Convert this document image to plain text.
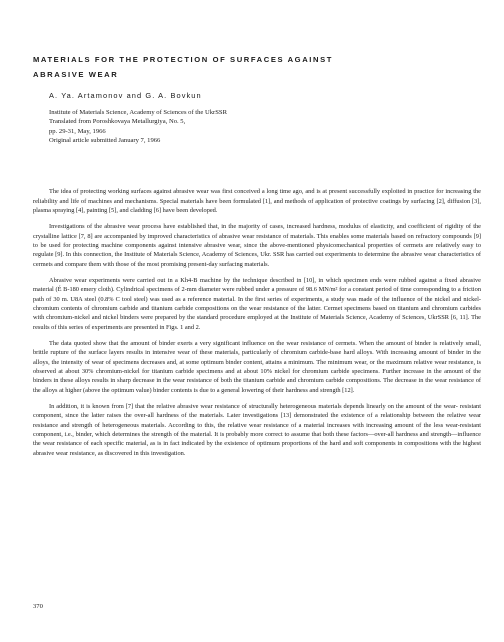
MATERIALS FOR THE PROTECTION OF SURFACES AGAINST
ABRASIVE WEAR
A. Ya. Artamonov and G. A. Bovkun
Institute of Materials Science, Academy of Sciences of the UkrSSR
Translated from Poroshkovaya Metallurgiya, No. 5,
pp. 29-31, May, 1966
Original article submitted January 7, 1966

The idea of protecting working surfaces against abrasive wear was first conceived a long time ago, and is at present successfully exploited in practice for increasing the reliability and life of machines and mechanisms. Special materials have been formulated [1], and methods of application of protective coatings by surfacing [2], diffusion [3], plasma spraying [4], painting [5], and cladding [6] have been developed.

Investigations of the abrasive wear process have established that, in the majority of cases, increased hardness, modulus of elasticity, and coefficient of rigidity of the crystalline lattice [7, 8] are accompanied by improved characteristics of abrasive wear resistance of materials. This enables some materials based on refractory compounds [9] to be used for protecting machine components against intensive abrasive wear, since the above-mentioned physicomechanical properties of cermets are relatively easy to regulate [9]. In this connection, the Institute of Materials Science, Academy of Sciences, Ukr. SSR has carried out experiments to determine the abrasive wear characteristics of cermets and compare them with those of the most promising present-day surfacing materials.

Abrasive wear experiments were carried out in a Kh4-B machine by the technique described in [10], in which specimen ends were rubbed against a fixed abrasive material (É B-180 emery cloth). Cylindrical specimens of 2-mm diameter were rubbed under a pressure of 98.6 MN/m² for a constant period of time corresponding to a friction path of 30 m. U8A steel (0.8% C tool steel) was used as a reference material. In the first series of experiments, a study was made of the influence of the nickel and nickel-chromium contents of chromium carbide and titanium carbide compositions on the wear resistance of the latter. Cermet specimens based on titanium and chromium carbides with chromium-nickel and nickel binders were prepared by the standard procedure employed at the Institute of Materials Science, Academy of Sciences, UkrSSR [6, 11]. The results of this series of experiments are presented in Figs. 1 and 2.

The data quoted show that the amount of binder exerts a very significant influence on the wear resistance of cermets. When the amount of binder is relatively small, brittle rupture of the surface layers results in intensive wear of these materials, particularly of chromium carbide-base hard alloys. With increasing amount of binder in the alloys, the intensity of wear of specimens decreases and, at some optimum binder content, attains a minimum. The minimum wear, or the maximum relative wear resistance, is observed at about 30% chromium-nickel for titanium carbide specimens and at about 10% nickel for chromium carbide specimens. Further increase in the amount of the binders in these alloys results in sharp decrease in the wear resistance of both the titanium carbide and chromium carbide compositions. The decrease in the wear resistance of the alloys at higher (above the optimum value) binder contents is due to a general lowering of their hardness and strength [12].

In addition, it is known from [7] that the relative abrasive wear resistance of structurally heterogeneous materials depends linearly on the amount of the wear- resistant component, since the latter raises the over-all hardness of the materials. Later investigations [13] demonstrated the existence of a relationship between the relative wear resistance and strength of heterogeneous materials. According to this, the relative wear resistance of a material increases with increasing amount of the less wear-resistant component, i.e., binder, which determines the strength of the material. It is probably more correct to assume that both these factors—over-all hardness and strength—influence the wear resistance of each specific material, as is in fact indicated by the existence of optimum proportions of the hard and soft components in compositions with the highest abrasive wear resistance, as discovered in this investigation.

370
